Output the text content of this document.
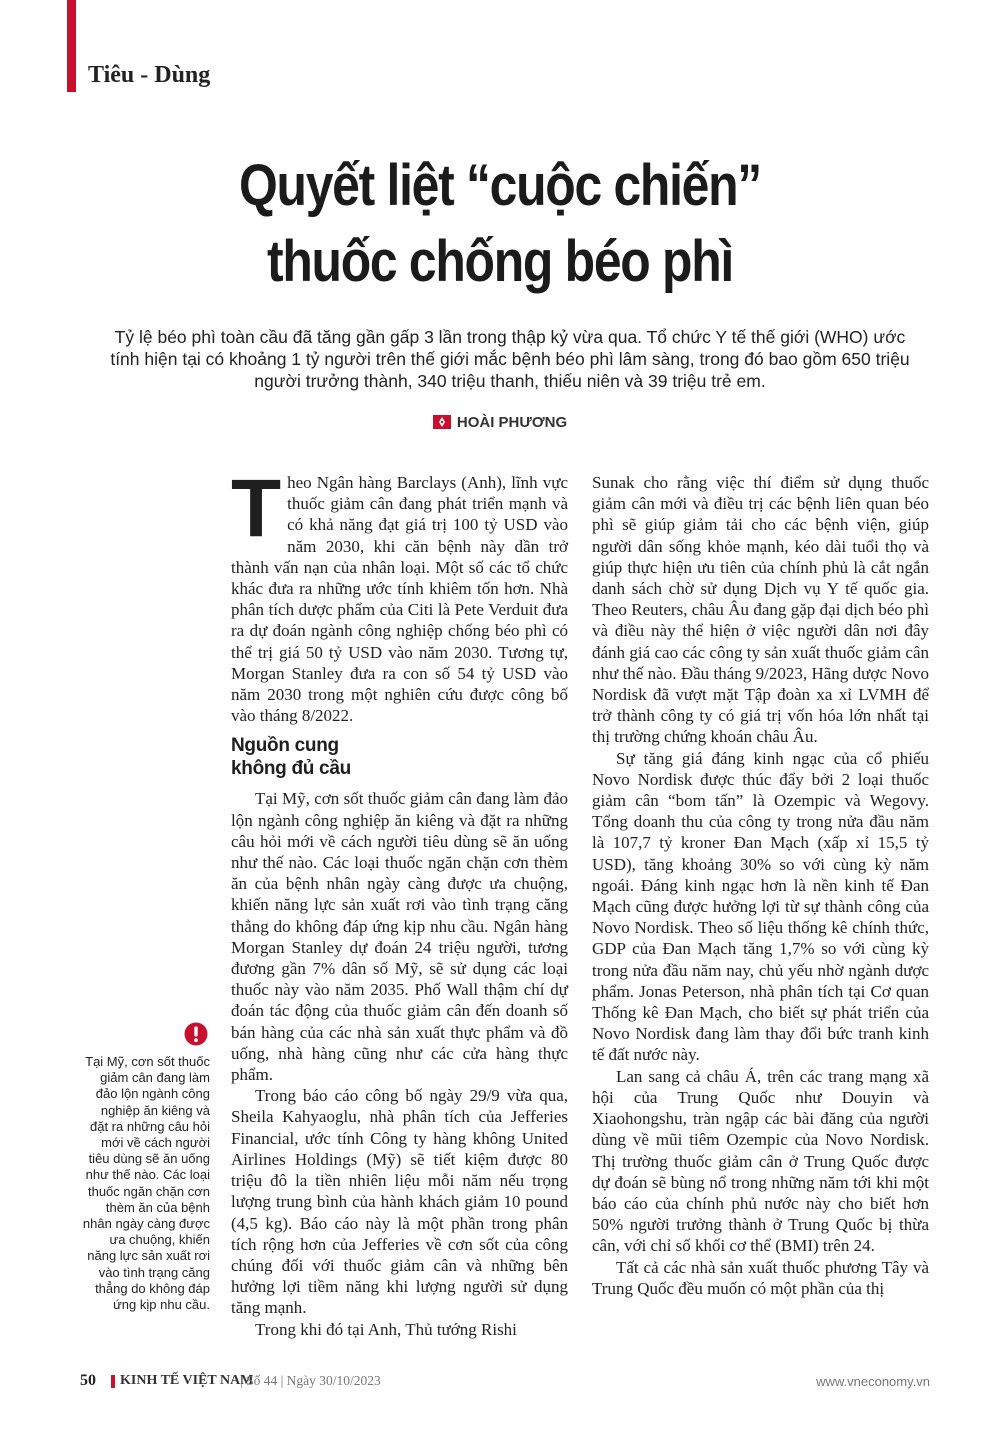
Tiêu - Dùng
Quyết liệt “cuộc chiến”
thuốc chống béo phì
Tỷ lệ béo phì toàn cầu đã tăng gần gấp 3 lần trong thập kỷ vừa qua. Tổ chức Y tế thế giới (WHO) ước tính hiện tại có khoảng 1 tỷ người trên thế giới mắc bệnh béo phì lâm sàng, trong đó bao gồm 650 triệu người trưởng thành, 340 triệu thanh, thiếu niên và 39 triệu trẻ em.
HOÀI PHƯƠNG

Theo Ngân hàng Barclays (Anh), lĩnh vực thuốc giảm cân đang phát triển mạnh và có khả năng đạt giá trị 100 tỷ USD vào năm 2030, khi căn bệnh này dần trở thành vấn nạn của nhân loại. Một số các tổ chức khác đưa ra những ước tính khiêm tốn hơn. Nhà phân tích dược phẩm của Citi là Pete Verduit đưa ra dự đoán ngành công nghiệp chống béo phì có thể trị giá 50 tỷ USD vào năm 2030. Tương tự, Morgan Stanley đưa ra con số 54 tỷ USD vào năm 2030 trong một nghiên cứu được công bố vào tháng 8/2022.

Nguồn cung
không đủ cầu

Tại Mỹ, cơn sốt thuốc giảm cân đang làm đảo lộn ngành công nghiệp ăn kiêng và đặt ra những câu hỏi mới về cách người tiêu dùng sẽ ăn uống như thế nào. Các loại thuốc ngăn chặn cơn thèm ăn của bệnh nhân ngày càng được ưa chuộng, khiến năng lực sản xuất rơi vào tình trạng căng thẳng do không đáp ứng kịp nhu cầu. Ngân hàng Morgan Stanley dự đoán 24 triệu người, tương đương gần 7% dân số Mỹ, sẽ sử dụng các loại thuốc này vào năm 2035. Phố Wall thậm chí dự đoán tác động của thuốc giảm cân đến doanh số bán hàng của các nhà sản xuất thực phẩm và đồ uống, nhà hàng cũng như các cửa hàng thực phẩm.

Trong báo cáo công bố ngày 29/9 vừa qua, Sheila Kahyaoglu, nhà phân tích của Jefferies Financial, ước tính Công ty hàng không United Airlines Holdings (Mỹ) sẽ tiết kiệm được 80 triệu đô la tiền nhiên liệu mỗi năm nếu trọng lượng trung bình của hành khách giảm 10 pound (4,5 kg). Báo cáo này là một phần trong phân tích rộng hơn của Jefferies về cơn sốt của công chúng đối với thuốc giảm cân và những bên hưởng lợi tiềm năng khi lượng người sử dụng tăng mạnh.

Trong khi đó tại Anh, Thủ tướng Rishi

Sunak cho rằng việc thí điểm sử dụng thuốc giảm cân mới và điều trị các bệnh liên quan béo phì sẽ giúp giảm tải cho các bệnh viện, giúp người dân sống khỏe mạnh, kéo dài tuổi thọ và giúp thực hiện ưu tiên của chính phủ là cắt ngắn danh sách chờ sử dụng Dịch vụ Y tế quốc gia. Theo Reuters, châu Âu đang gặp đại dịch béo phì và điều này thể hiện ở việc người dân nơi đây đánh giá cao các công ty sản xuất thuốc giảm cân như thế nào. Đầu tháng 9/2023, Hãng dược Novo Nordisk đã vượt mặt Tập đoàn xa xỉ LVMH để trở thành công ty có giá trị vốn hóa lớn nhất tại thị trường chứng khoán châu Âu.

Sự tăng giá đáng kinh ngạc của cổ phiếu Novo Nordisk được thúc đẩy bởi 2 loại thuốc giảm cân “bom tấn” là Ozempic và Wegovy. Tổng doanh thu của công ty trong nửa đầu năm là 107,7 tỷ kroner Đan Mạch (xấp xỉ 15,5 tỷ USD), tăng khoảng 30% so với cùng kỳ năm ngoái. Đáng kinh ngạc hơn là nền kinh tế Đan Mạch cũng được hưởng lợi từ sự thành công của Novo Nordisk. Theo số liệu thống kê chính thức, GDP của Đan Mạch tăng 1,7% so với cùng kỳ trong nửa đầu năm nay, chủ yếu nhờ ngành dược phẩm. Jonas Peterson, nhà phân tích tại Cơ quan Thống kê Đan Mạch, cho biết sự phát triển của Novo Nordisk đang làm thay đổi bức tranh kinh tế đất nước này.

Lan sang cả châu Á, trên các trang mạng xã hội của Trung Quốc như Douyin và Xiaohongshu, tràn ngập các bài đăng của người dùng về mũi tiêm Ozempic của Novo Nordisk. Thị trường thuốc giảm cân ở Trung Quốc được dự đoán sẽ bùng nổ trong những năm tới khi một báo cáo của chính phủ nước này cho biết hơn 50% người trưởng thành ở Trung Quốc bị thừa cân, với chỉ số khối cơ thể (BMI) trên 24.

Tất cả các nhà sản xuất thuốc phương Tây và Trung Quốc đều muốn có một phần của thị

Tại Mỹ, cơn sốt thuốc giảm cân đang làm đảo lộn ngành công nghiệp ăn kiêng và đặt ra những câu hỏi mới về cách người tiêu dùng sẽ ăn uống như thế nào. Các loại thuốc ngăn chặn cơn thèm ăn của bệnh nhân ngày càng được ưa chuộng, khiến năng lực sản xuất rơi vào tình trạng căng thẳng do không đáp ứng kịp nhu cầu.
50 KINH TẾ VIỆT NAM
| Số 44 | Ngày 30/10/2023	www.vneconomy.vn
